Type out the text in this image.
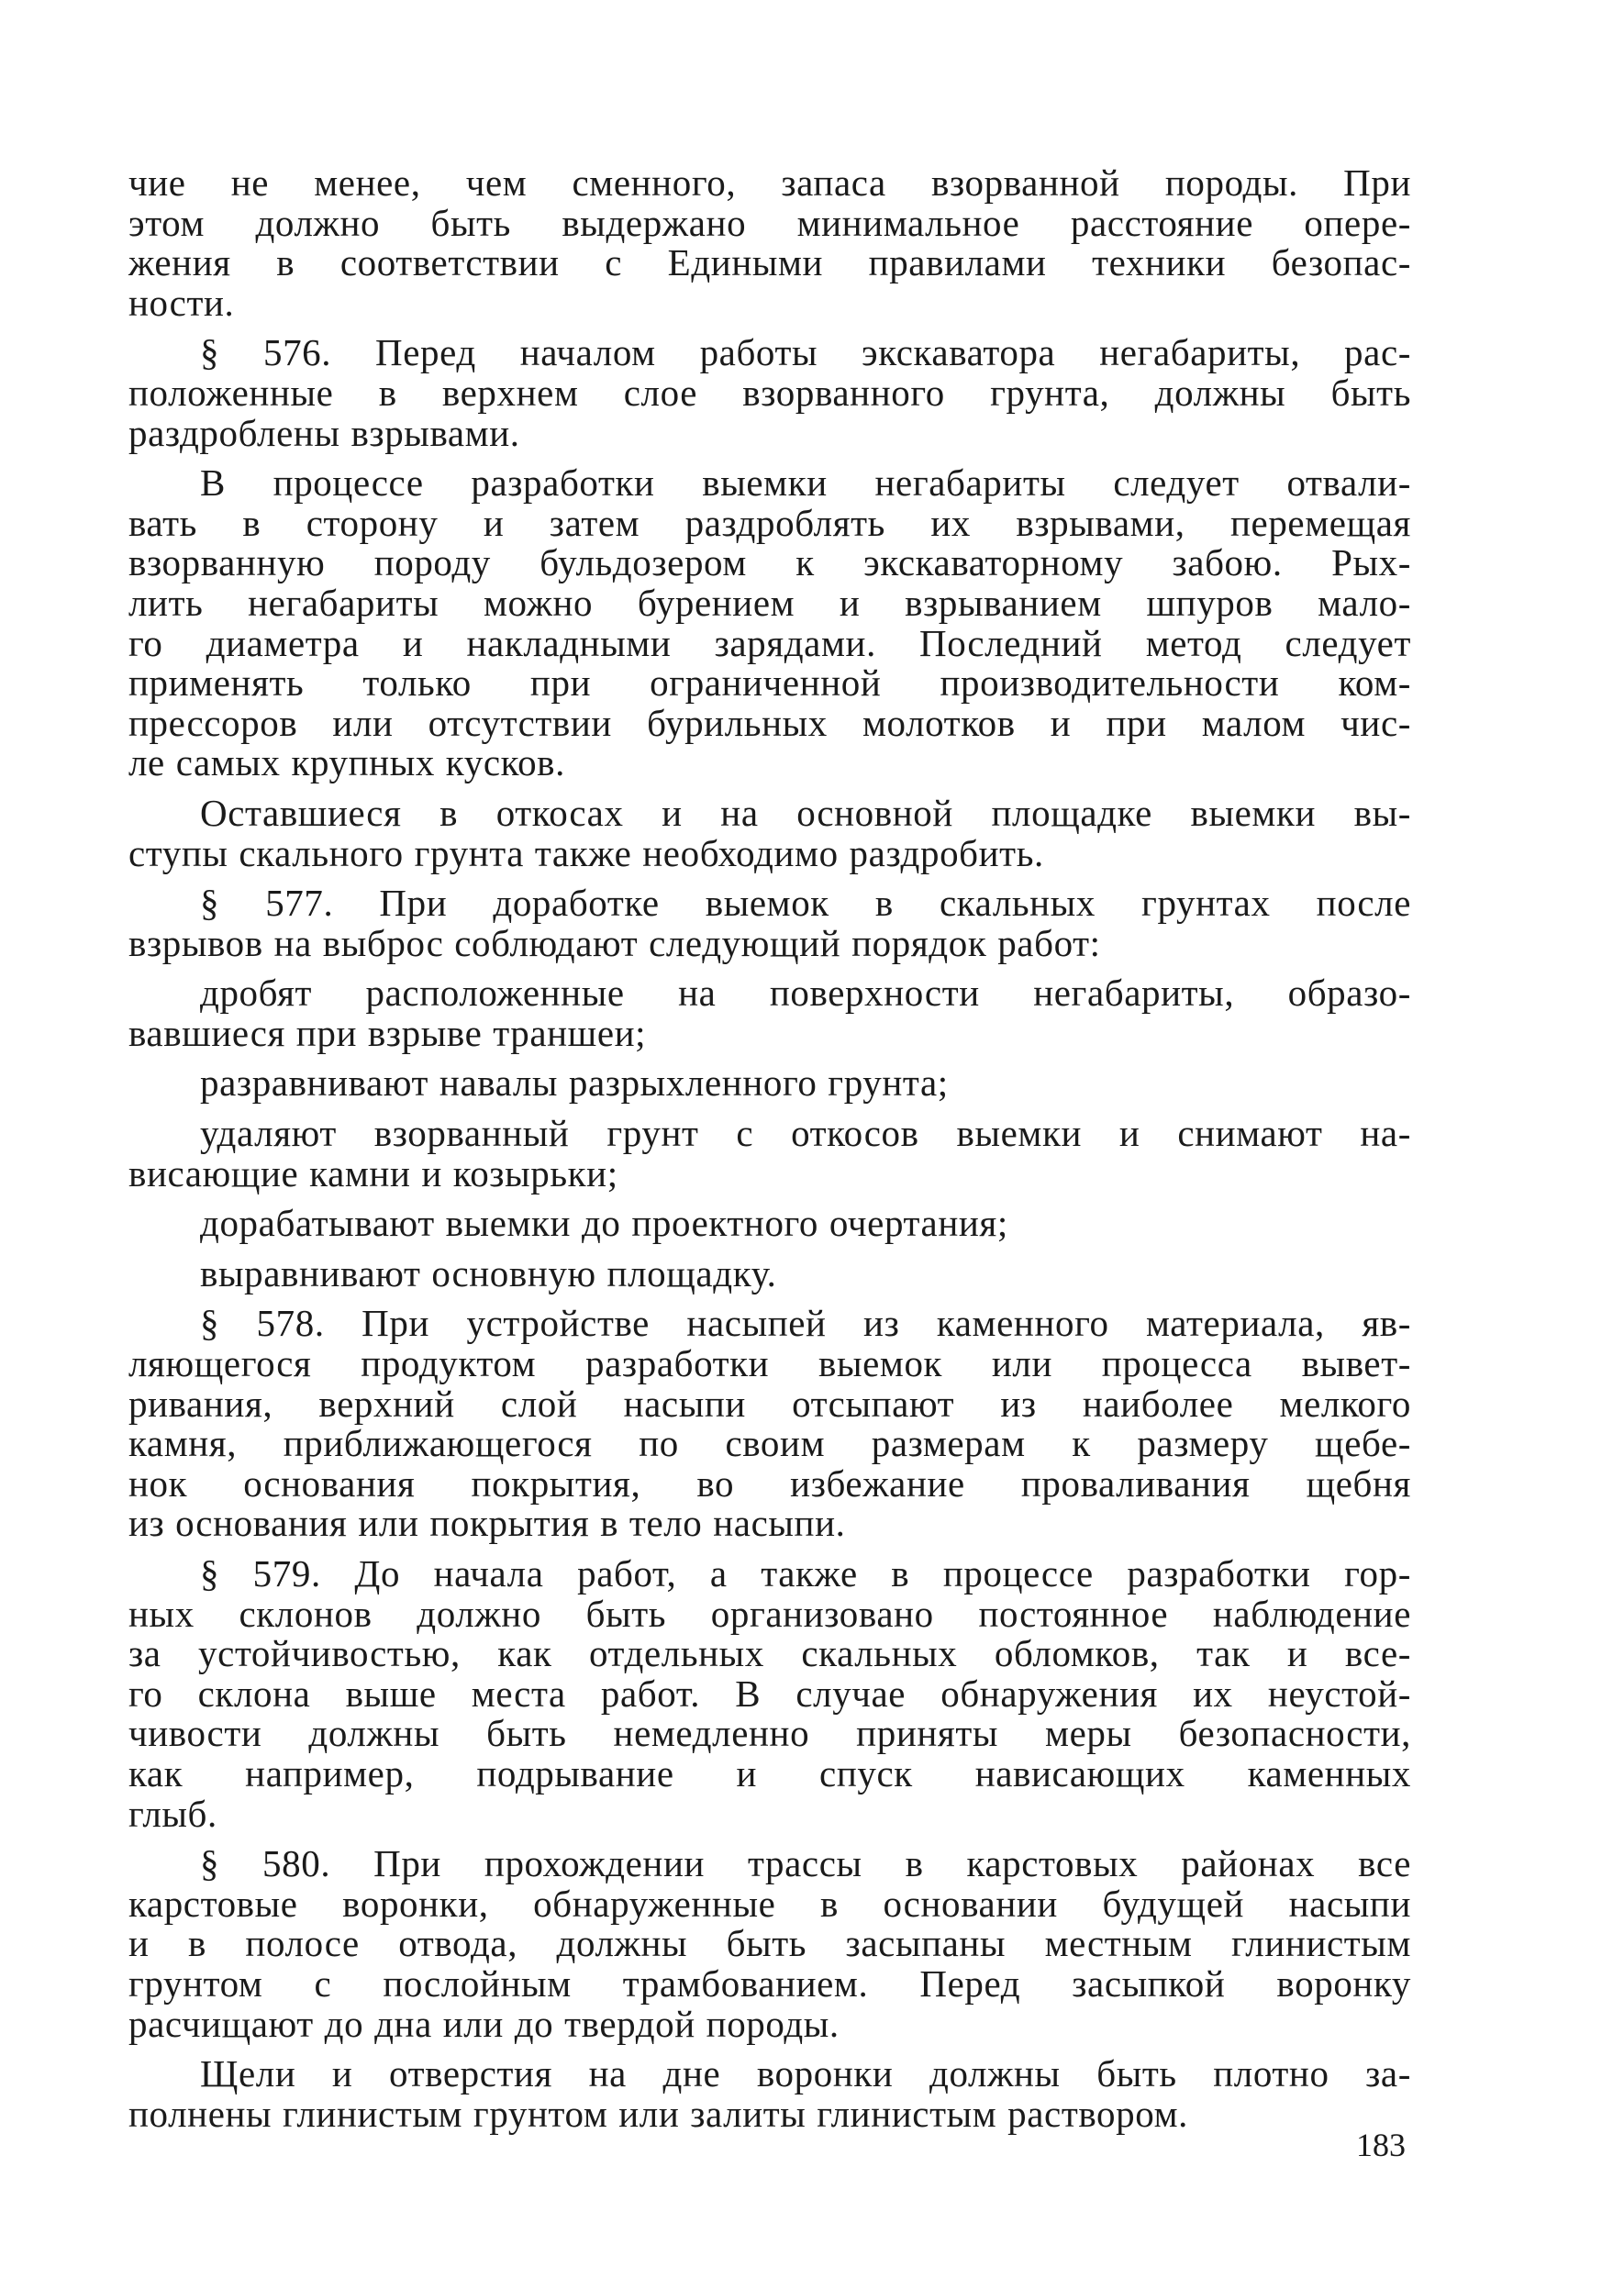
чие не менее, чем сменного, запаса взорванной породы. При
этом должно быть выдержано минимальное расстояние опере-
жения в соответствии с Едиными правилами техники безопас-
ности.
§ 576. Перед началом работы экскаватора негабариты, рас-
положенные в верхнем слое взорванного грунта, должны быть
раздроблены взрывами.
В процессе разработки выемки негабариты следует отвали-
вать в сторону и затем раздроблять их взрывами, перемещая
взорванную породу бульдозером к экскаваторному забою. Рых-
лить негабариты можно бурением и взрыванием шпуров мало-
го диаметра и накладными зарядами. Последний метод следует
применять только при ограниченной производительности ком-
прессоров или отсутствии бурильных молотков и при малом чис-
ле самых крупных кусков.
Оставшиеся в откосах и на основной площадке выемки вы-
ступы скального грунта также необходимо раздробить.
§ 577. При доработке выемок в скальных грунтах после
взрывов на выброс соблюдают следующий порядок работ:
дробят расположенные на поверхности негабариты, образо-
вавшиеся при взрыве траншеи;
разравнивают навалы разрыхленного грунта;
удаляют взорванный грунт с откосов выемки и снимают на-
висающие камни и козырьки;
дорабатывают выемки до проектного очертания;
выравнивают основную площадку.
§ 578. При устройстве насыпей из каменного материала, яв-
ляющегося продуктом разработки выемок или процесса вывет-
ривания, верхний слой насыпи отсыпают из наиболее мелкого
камня, приближающегося по своим размерам к размеру щебе-
нок основания покрытия, во избежание проваливания щебня
из основания или покрытия в тело насыпи.
§ 579. До начала работ, а также в процессе разработки гор-
ных склонов должно быть организовано постоянное наблюдение
за устойчивостью, как отдельных скальных обломков, так и все-
го склона выше места работ. В случае обнаружения их неустой-
чивости должны быть немедленно приняты меры безопасности,
как например, подрывание и спуск нависающих каменных
глыб.
§ 580. При прохождении трассы в карстовых районах все
карстовые воронки, обнаруженные в основании будущей насыпи
и в полосе отвода, должны быть засыпаны местным глинистым
грунтом с послойным трамбованием. Перед засыпкой воронку
расчищают до дна или до твердой породы.
Щели и отверстия на дне воронки должны быть плотно за-
полнены глинистым грунтом или залиты глинистым раствором.
183
